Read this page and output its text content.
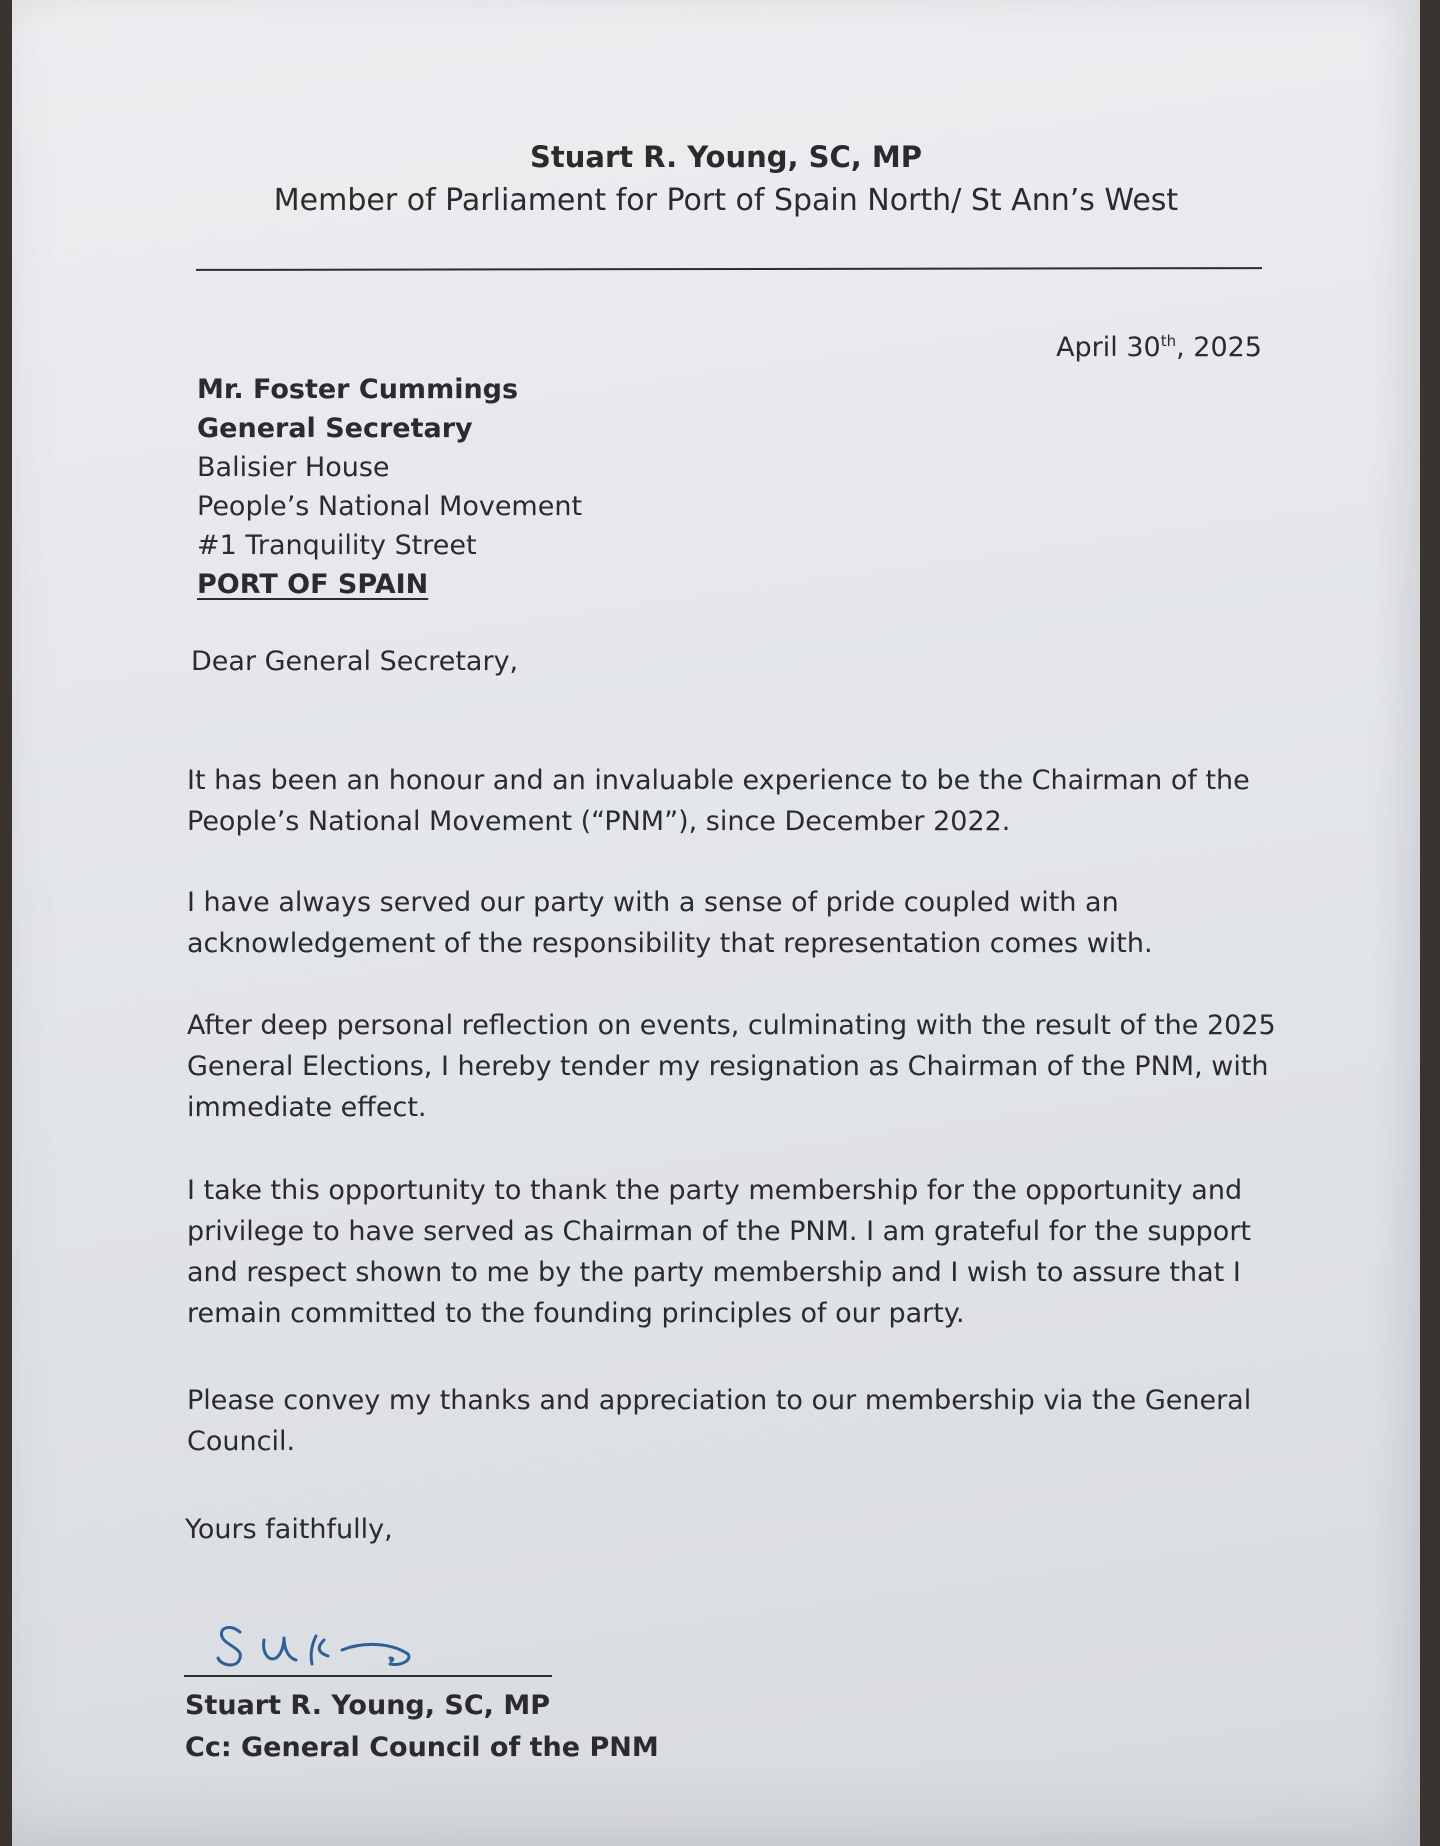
Stuart R. Young, SC, MP
Member of Parliament for Port of Spain North/ St Ann’s West
April 30th, 2025
Mr. Foster Cummings
General Secretary
Balisier House
People’s National Movement
#1 Tranquility Street
PORT OF SPAIN
Dear General Secretary,

It has been an honour and an invaluable experience to be the Chairman of the People’s National Movement (“PNM”), since December 2022.

I have always served our party with a sense of pride coupled with an acknowledgement of the responsibility that representation comes with.

After deep personal reflection on events, culminating with the result of the 2025 General Elections, I hereby tender my resignation as Chairman of the PNM, with immediate effect.

I take this opportunity to thank the party membership for the opportunity and privilege to have served as Chairman of the PNM. I am grateful for the support and respect shown to me by the party membership and I wish to assure that I remain committed to the founding principles of our party.

Please convey my thanks and appreciation to our membership via the General Council.

Yours faithfully,
Stuart R. Young, SC, MP
Cc: General Council of the PNM
